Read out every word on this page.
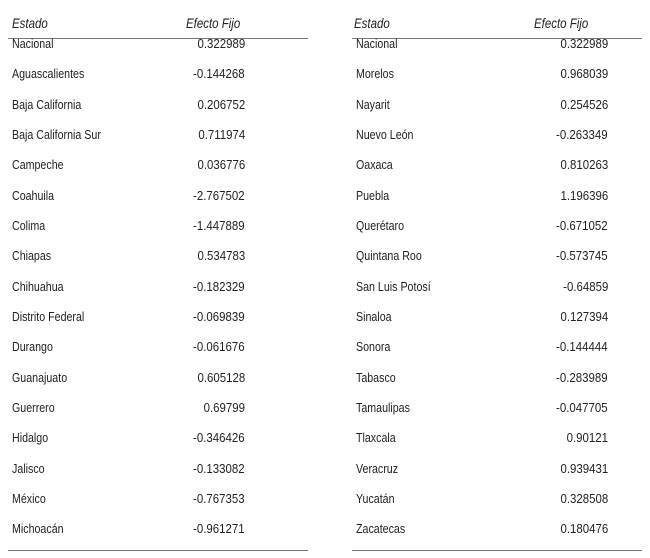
Estado	Efecto Fijo
Nacional	0.322989
Aguascalientes	-0.144268
Baja California	0.206752
Baja California Sur	0.711974
Campeche	0.036776
Coahuila	-2.767502
Colima	-1.447889
Chiapas	0.534783
Chihuahua	-0.182329
Distrito Federal	-0.069839
Durango	-0.061676
Guanajuato	0.605128
Guerrero	0.69799
Hidalgo	-0.346426
Jalisco	-0.133082
México	-0.767353
Michoacán	-0.961271
Estado	Efecto Fijo
Nacional	0.322989
Morelos	0.968039
Nayarit	0.254526
Nuevo León	-0.263349
Oaxaca	0.810263
Puebla	1.196396
Querétaro	-0.671052
Quintana Roo	-0.573745
San Luis Potosí	-0.64859
Sinaloa	0.127394
Sonora	-0.144444
Tabasco	-0.283989
Tamaulipas	-0.047705
Tlaxcala	0.90121
Veracruz	0.939431
Yucatán	0.328508
Zacatecas	0.180476
